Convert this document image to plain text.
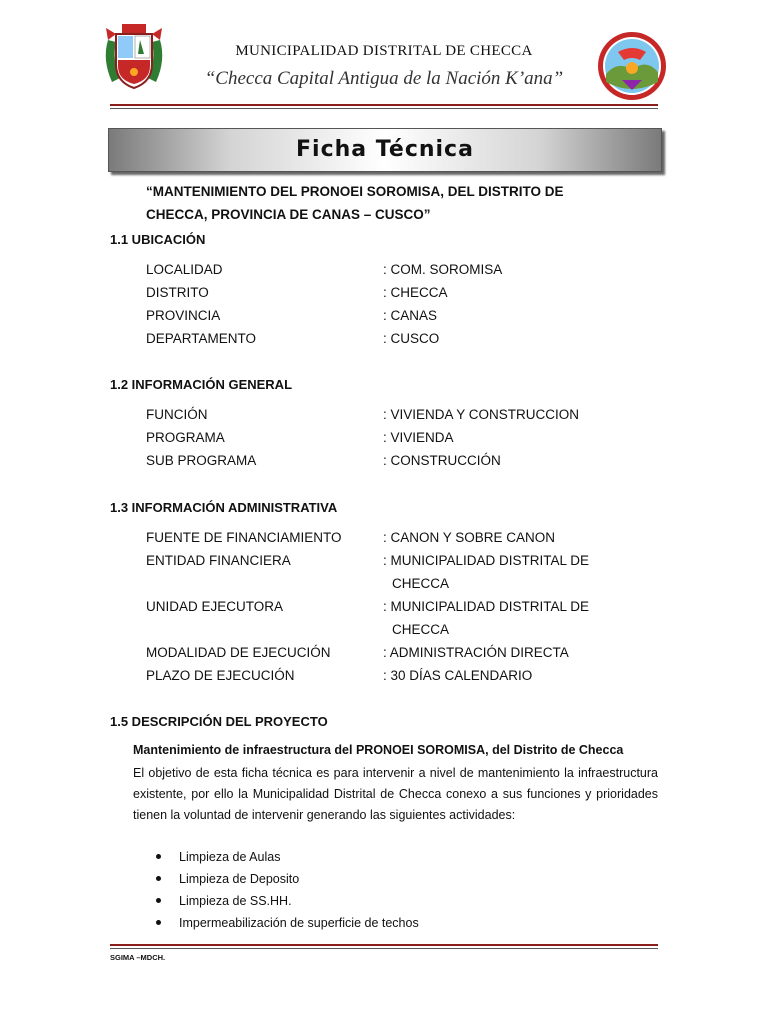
MUNICIPALIDAD DISTRITAL DE CHECCA
“Checca Capital Antigua de la Nación K’ana”
Ficha Técnica
“MANTENIMIENTO DEL PRONOEI SOROMISA, DEL DISTRITO DE
CHECCA, PROVINCIA DE CANAS – CUSCO”
1.1 UBICACIÓN
LOCALIDAD	: COM. SOROMISA
DISTRITO	: CHECCA
PROVINCIA	: CANAS
DEPARTAMENTO	: CUSCO
1.2 INFORMACIÓN GENERAL
FUNCIÓN	: VIVIENDA Y CONSTRUCCION
PROGRAMA	: VIVIENDA
SUB PROGRAMA	: CONSTRUCCIÓN
1.3 INFORMACIÓN ADMINISTRATIVA
FUENTE DE FINANCIAMIENTO	: CANON Y SOBRE CANON
ENTIDAD FINANCIERA	: MUNICIPALIDAD DISTRITAL DE
CHECCA
UNIDAD EJECUTORA	: MUNICIPALIDAD DISTRITAL DE
CHECCA
MODALIDAD DE EJECUCIÓN	: ADMINISTRACIÓN DIRECTA
PLAZO DE EJECUCIÓN	: 30 DÍAS CALENDARIO
1.5 DESCRIPCIÓN DEL PROYECTO
Mantenimiento de infraestructura del PRONOEI SOROMISA, del Distrito de Checca
El objetivo de esta ficha técnica es para intervenir a nivel de mantenimiento la infraestructura existente, por ello la Municipalidad Distrital de Checca conexo a sus funciones y prioridades tienen la voluntad de intervenir generando las siguientes actividades:
Limpieza de Aulas
Limpieza de Deposito
Limpieza de SS.HH.
Impermeabilización de superficie de techos
SGIMA –MDCH.
